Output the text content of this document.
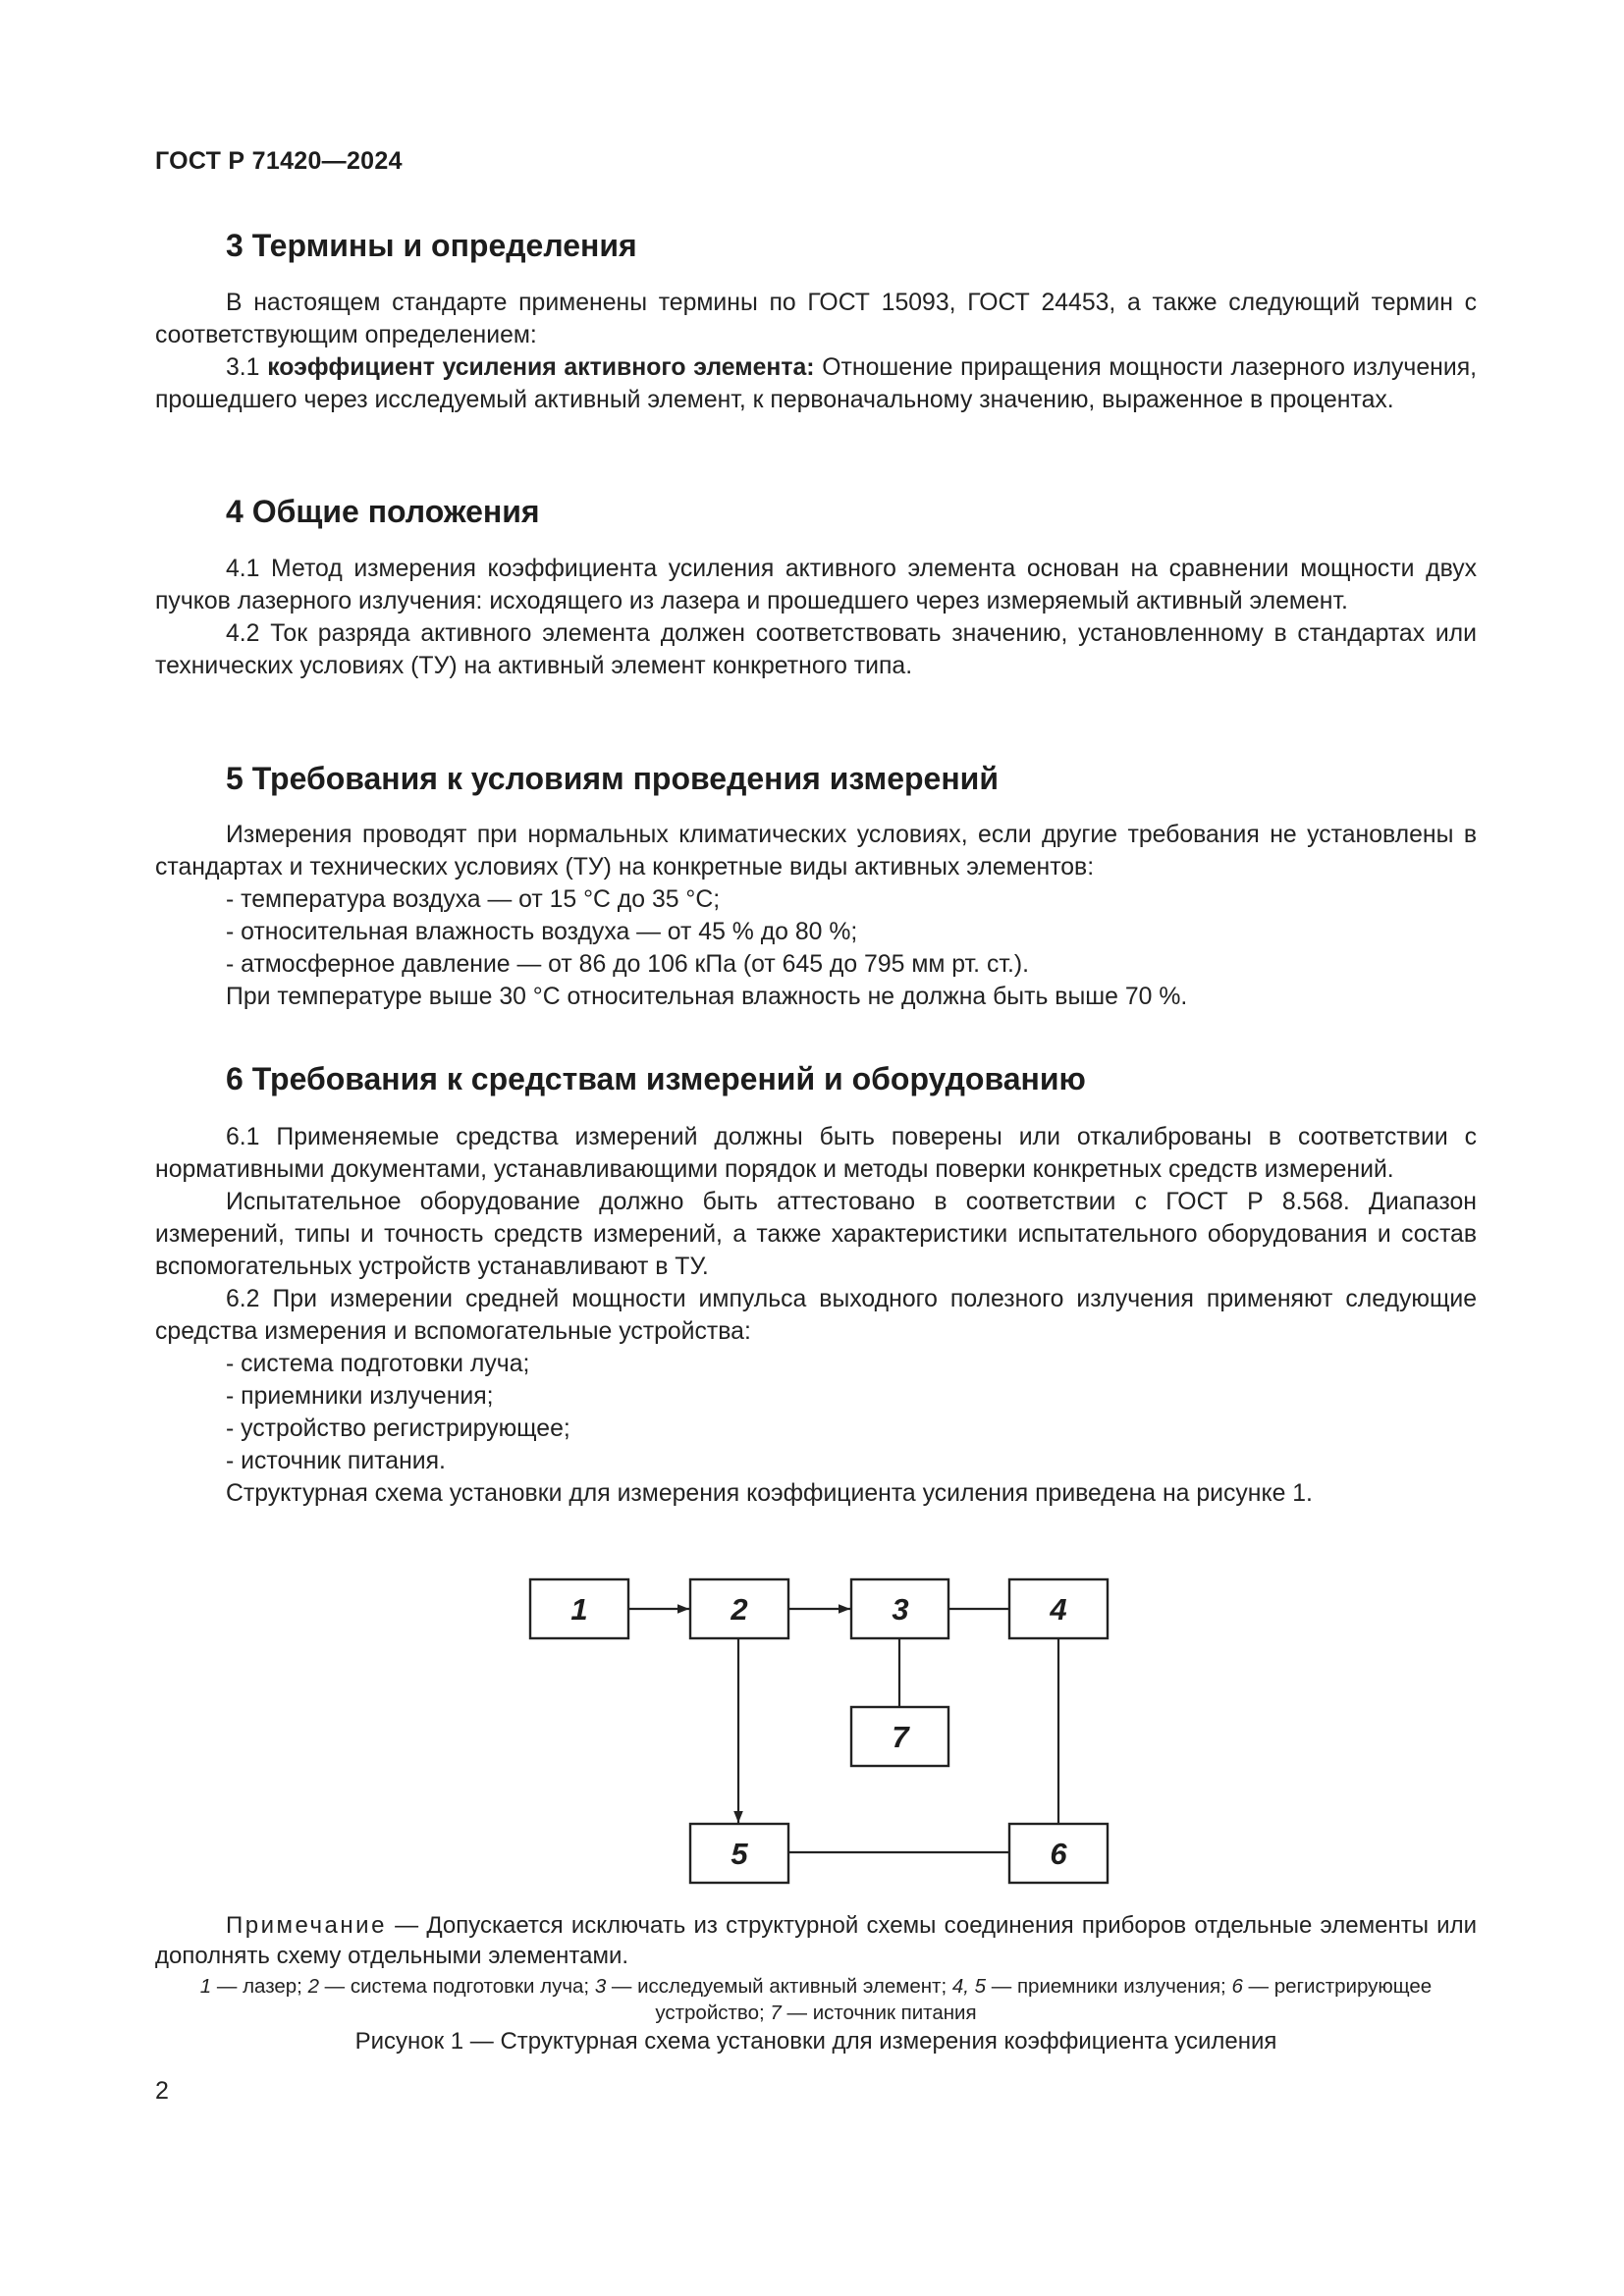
ГОСТ Р 71420—2024
3 Термины и определения

В настоящем стандарте применены термины по ГОСТ 15093, ГОСТ 24453, а также следующий термин с соответствующим определением:

3.1 коэффициент усиления активного элемента: Отношение приращения мощности лазерного излучения, прошедшего через исследуемый активный элемент, к первоначальному значению, выраженное в процентах.

4 Общие положения

4.1 Метод измерения коэффициента усиления активного элемента основан на сравнении мощности двух пучков лазерного излучения: исходящего из лазера и прошедшего через измеряемый активный элемент.

4.2 Ток разряда активного элемента должен соответствовать значению, установленному в стандартах или технических условиях (ТУ) на активный элемент конкретного типа.

5 Требования к условиям проведения измерений

Измерения проводят при нормальных климатических условиях, если другие требования не установлены в стандартах и технических условиях (ТУ) на конкретные виды активных элементов:

- температура воздуха — от 15 °С до 35 °С;

- относительная влажность воздуха — от 45 % до 80 %;

- атмосферное давление — от 86 до 106 кПа (от 645 до 795 мм рт. ст.).

При температуре выше 30 °С относительная влажность не должна быть выше 70 %.

6 Требования к средствам измерений и оборудованию

6.1 Применяемые средства измерений должны быть поверены или откалиброваны в соответствии с нормативными документами, устанавливающими порядок и методы поверки конкретных средств измерений.

Испытательное оборудование должно быть аттестовано в соответствии с ГОСТ Р 8.568. Диапазон измерений, типы и точность средств измерений, а также характеристики испытательного оборудования и состав вспомогательных устройств устанавливают в ТУ.

6.2 При измерении средней мощности импульса выходного полезного излучения применяют следующие средства измерения и вспомогательные устройства:

- система подготовки луча;

- приемники излучения;

- устройство регистрирующее;

- источник питания.

Структурная схема установки для измерения коэффициента усиления приведена на рисунке 1.

1	2	3	4
7
5	6

Примечание — Допускается исключать из структурной схемы соединения приборов отдельные элементы или дополнять схему отдельными элементами.

1 — лазер; 2 — система подготовки луча; 3 — исследуемый активный элемент; 4, 5 — приемники излучения; 6 — регистрирующее устройство; 7 — источник питания
Рисунок 1 — Структурная схема установки для измерения коэффициента усиления
2
